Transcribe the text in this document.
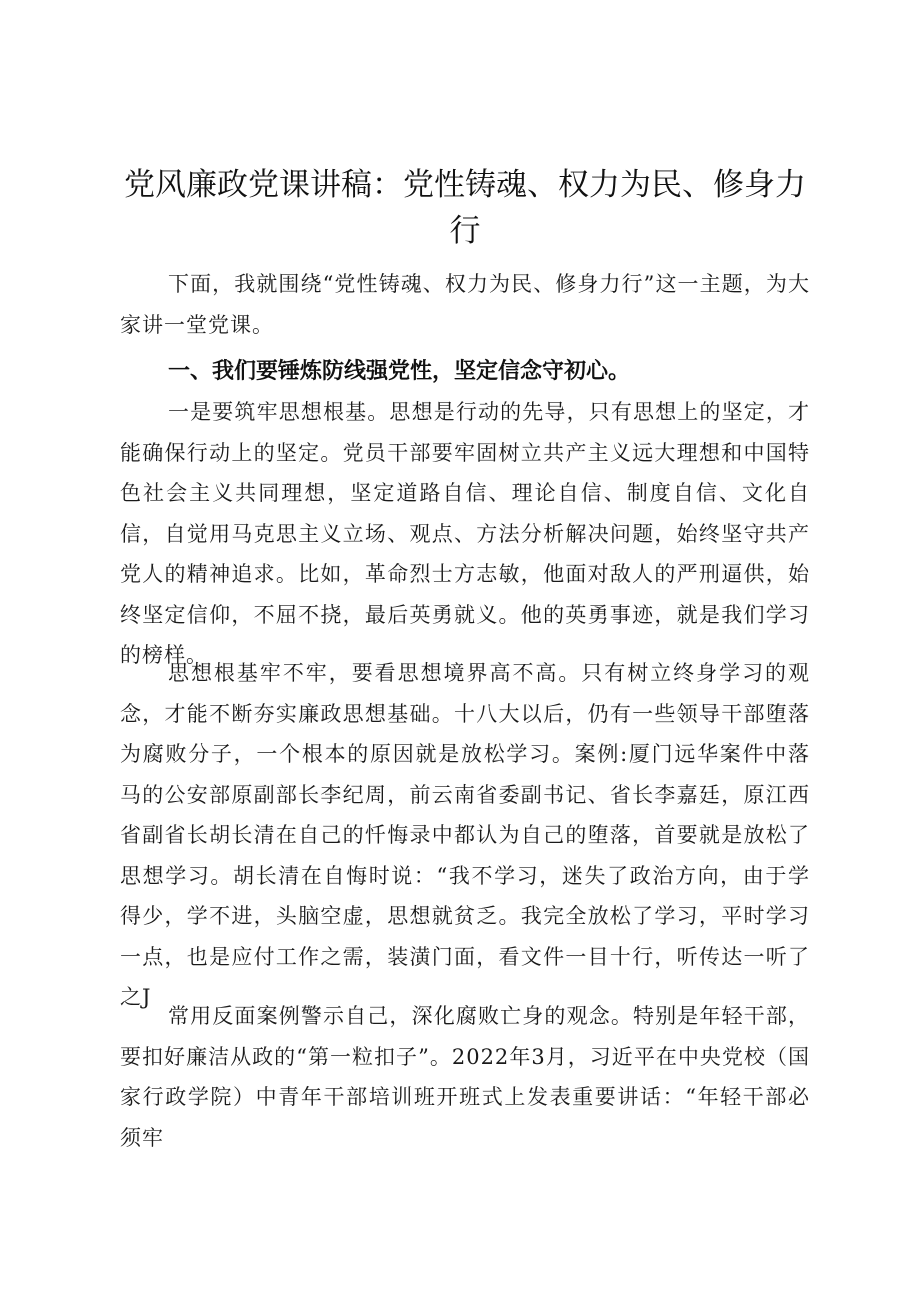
党风廉政党课讲稿：党性铸魂、权力为民、修身力行

下面，我就围绕“党性铸魂、权力为民、修身力行”这一主题，为大家讲一堂党课。

一、我们要锤炼防线强党性，坚定信念守初心。

一是要筑牢思想根基。思想是行动的先导，只有思想上的坚定，才能确保行动上的坚定。党员干部要牢固树立共产主义远大理想和中国特色社会主义共同理想，坚定道路自信、理论自信、制度自信、文化自信，自觉用马克思主义立场、观点、方法分析解决问题，始终坚守共产党人的精神追求。比如，革命烈士方志敏，他面对敌人的严刑逼供，始终坚定信仰，不屈不挠，最后英勇就义。他的英勇事迹，就是我们学习的榜样。

思想根基牢不牢，要看思想境界高不高。只有树立终身学习的观念，才能不断夯实廉政思想基础。十八大以后，仍有一些领导干部堕落为腐败分子，一个根本的原因就是放松学习。案例:厦门远华案件中落马的公安部原副部长李纪周，前云南省委副书记、省长李嘉廷，原江西省副省长胡长清在自己的忏悔录中都认为自己的堕落，首要就是放松了思想学习。胡长清在自悔时说：“我不学习，迷失了政治方向，由于学得少，学不进，头脑空虚，思想就贫乏。我完全放松了学习，平时学习一点，也是应付工作之需，装潢门面，看文件一目十行，听传达一听了之J

常用反面案例警示自己，深化腐败亡身的观念。特别是年轻干部，要扣好廉洁从政的“第一粒扣子”。2022年3月，习近平在中央党校（国家行政学院）中青年干部培训班开班式上发表重要讲话：“年轻干部必须牢
